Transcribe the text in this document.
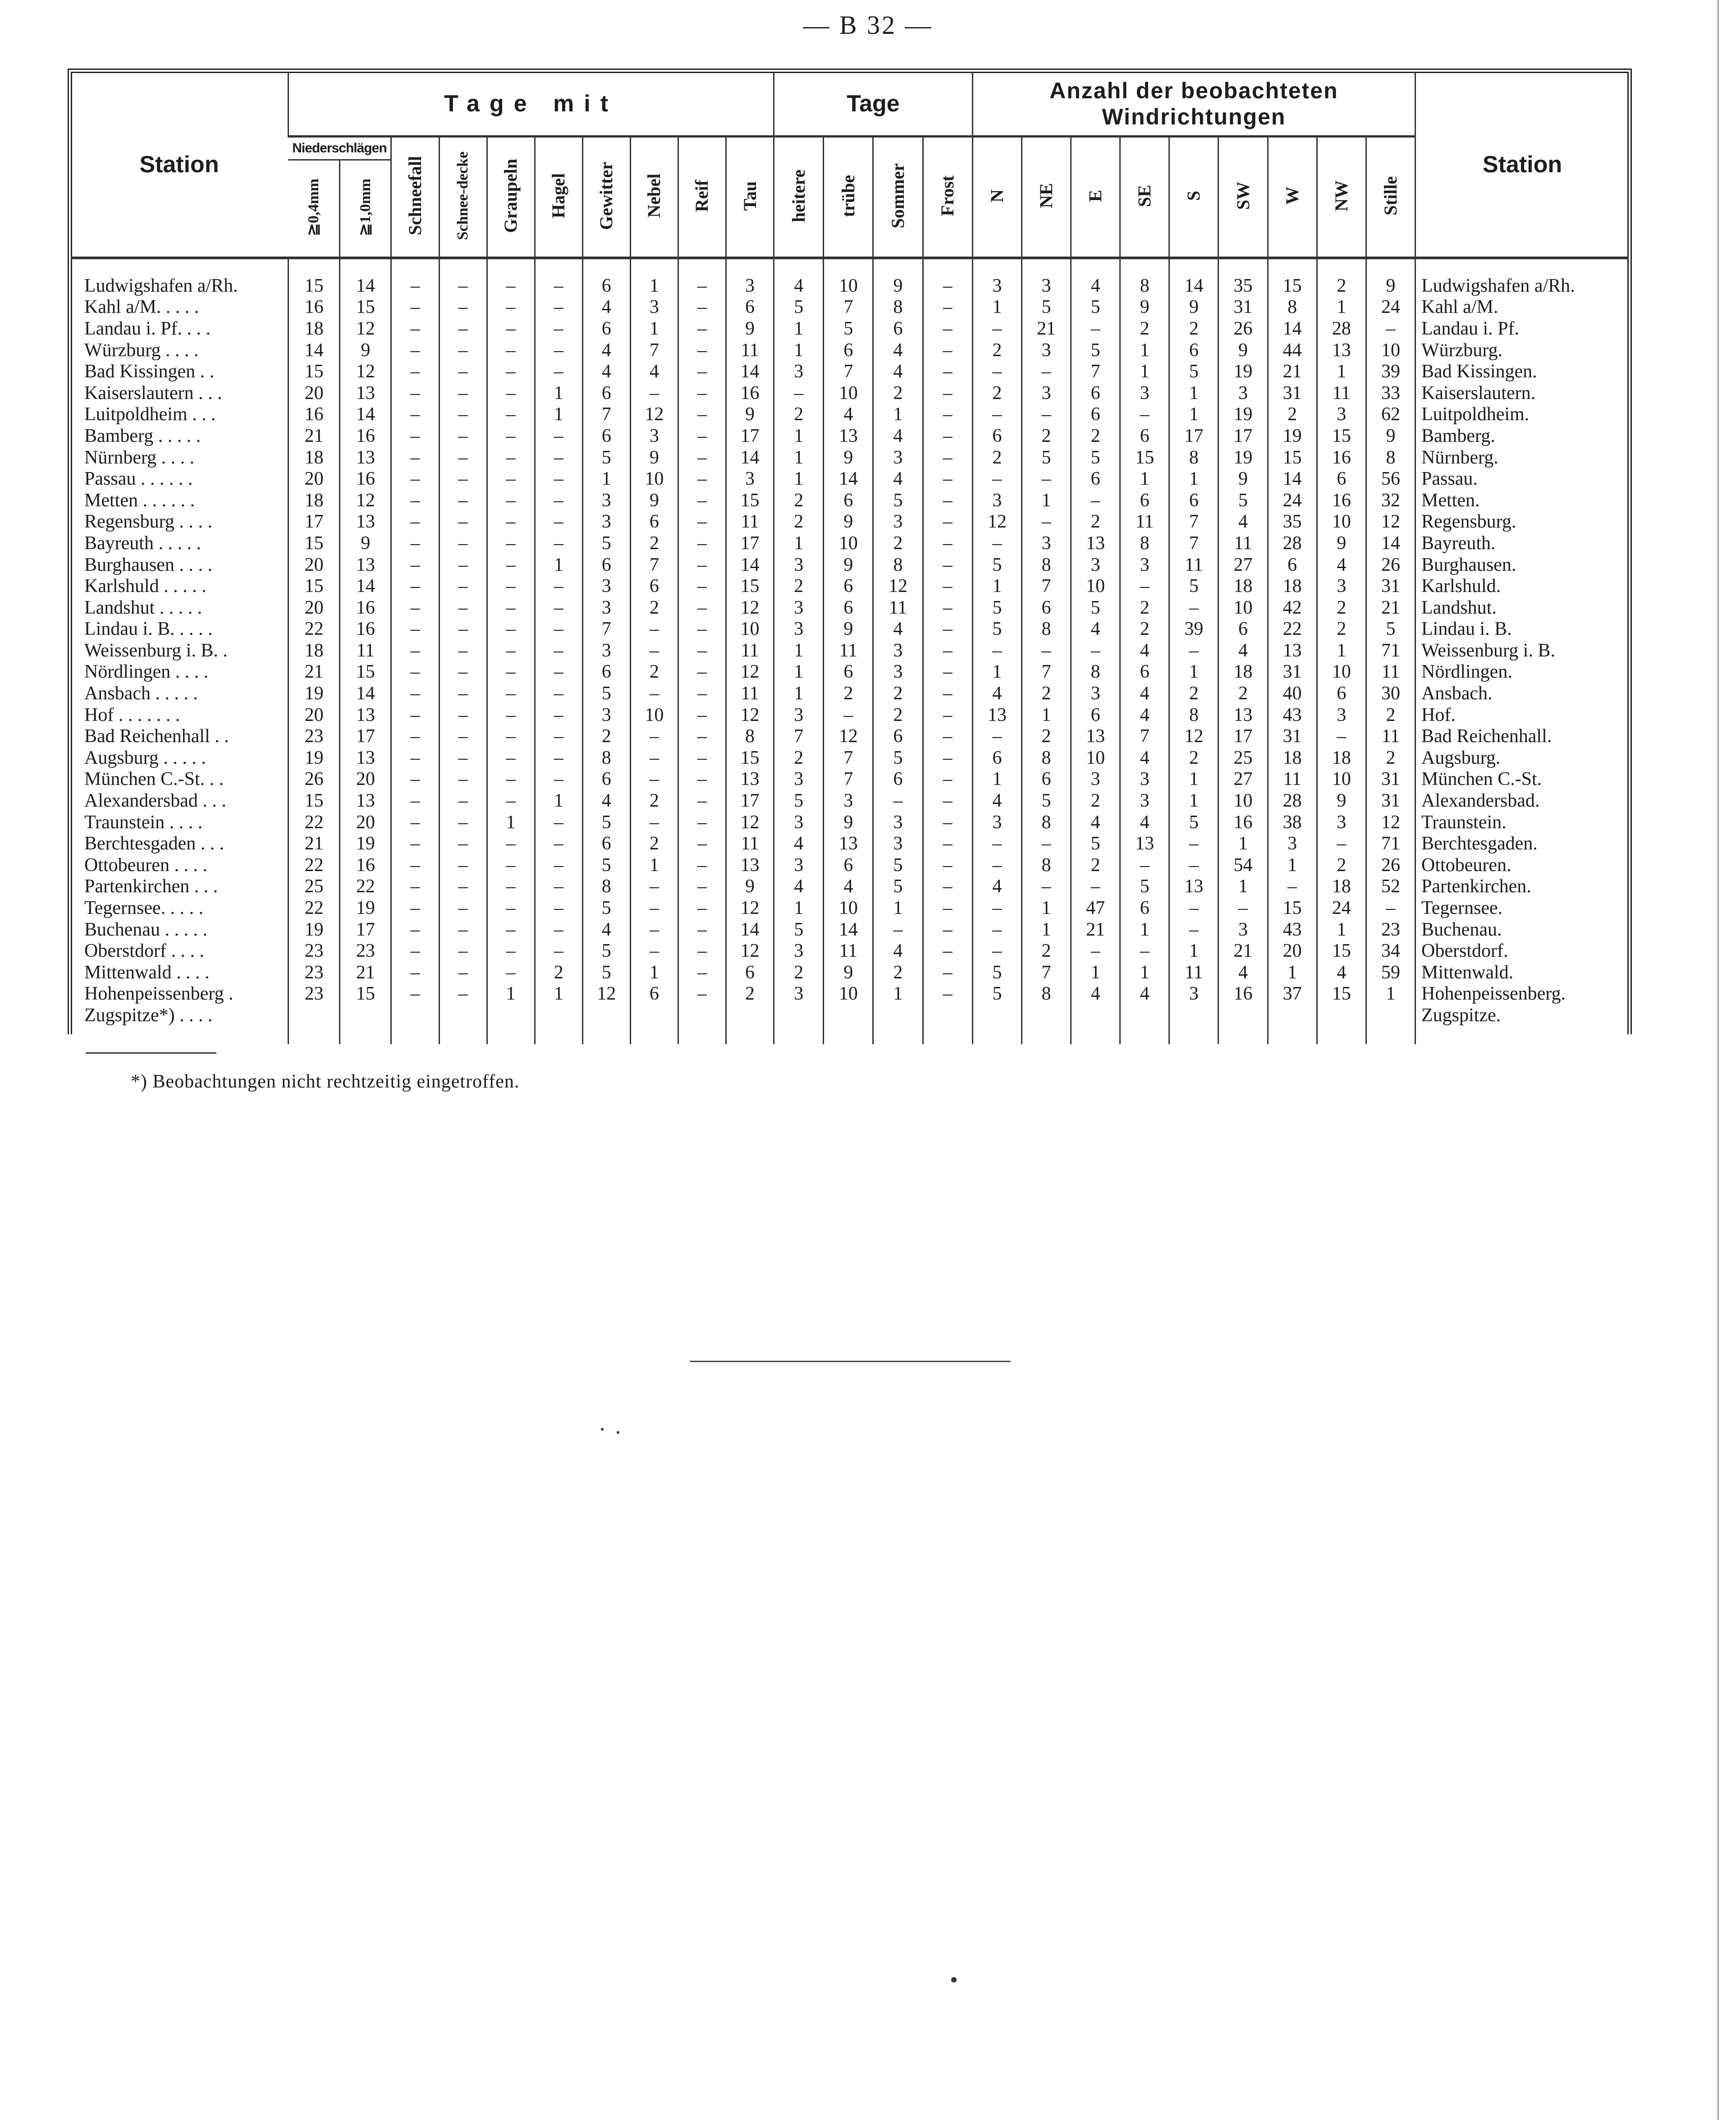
— B 32 —
Station	Tage mit										Tage				Anzahl der beobachteten Windrichtungen									Station
	Niederschlägen		Schneefall	Schnee-decke	Graupeln	Hagel	Gewitter	Nebel	Reif	Tau	heitere	trübe	Sommer	Frost	N	NE	E	SE	S	SW	W	NW	Stille	
	≧0,4mm	≧1,0mm																						

Ludwigshafen a/Rh.	15	14	–	–	–	–	6	1	–	3	4	10	9	–	3	3	4	8	14	35	15	2	9	Ludwigshafen a/Rh.
Kahl a/M. . . . .	16	15	–	–	–	–	4	3	–	6	5	7	8	–	1	5	5	9	9	31	8	1	24	Kahl a/M.
Landau i. Pf. . . .	18	12	–	–	–	–	6	1	–	9	1	5	6	–	–	21	–	2	2	26	14	28	–	Landau i. Pf.
Würzburg . . . .	14	9	–	–	–	–	4	7	–	11	1	6	4	–	2	3	5	1	6	9	44	13	10	Würzburg.
Bad Kissingen . .	15	12	–	–	–	–	4	4	–	14	3	7	4	–	–	–	7	1	5	19	21	1	39	Bad Kissingen.
Kaiserslautern . . .	20	13	–	–	–	1	6	–	–	16	–	10	2	–	2	3	6	3	1	3	31	11	33	Kaiserslautern.
Luitpoldheim . . .	16	14	–	–	–	1	7	12	–	9	2	4	1	–	–	–	6	–	1	19	2	3	62	Luitpoldheim.
Bamberg . . . . .	21	16	–	–	–	–	6	3	–	17	1	13	4	–	6	2	2	6	17	17	19	15	9	Bamberg.
Nürnberg . . . .	18	13	–	–	–	–	5	9	–	14	1	9	3	–	2	5	5	15	8	19	15	16	8	Nürnberg.
Passau . . . . . .	20	16	–	–	–	–	1	10	–	3	1	14	4	–	–	–	6	1	1	9	14	6	56	Passau.
Metten . . . . . .	18	12	–	–	–	–	3	9	–	15	2	6	5	–	3	1	–	6	6	5	24	16	32	Metten.
Regensburg . . . .	17	13	–	–	–	–	3	6	–	11	2	9	3	–	12	–	2	11	7	4	35	10	12	Regensburg.
Bayreuth . . . . .	15	9	–	–	–	–	5	2	–	17	1	10	2	–	–	3	13	8	7	11	28	9	14	Bayreuth.
Burghausen . . . .	20	13	–	–	–	1	6	7	–	14	3	9	8	–	5	8	3	3	11	27	6	4	26	Burghausen.
Karlshuld . . . . .	15	14	–	–	–	–	3	6	–	15	2	6	12	–	1	7	10	–	5	18	18	3	31	Karlshuld.
Landshut . . . . .	20	16	–	–	–	–	3	2	–	12	3	6	11	–	5	6	5	2	–	10	42	2	21	Landshut.
Lindau i. B. . . . .	22	16	–	–	–	–	7	–	–	10	3	9	4	–	5	8	4	2	39	6	22	2	5	Lindau i. B.
Weissenburg i. B. .	18	11	–	–	–	–	3	–	–	11	1	11	3	–	–	–	–	4	–	4	13	1	71	Weissenburg i. B.
Nördlingen . . . .	21	15	–	–	–	–	6	2	–	12	1	6	3	–	1	7	8	6	1	18	31	10	11	Nördlingen.
Ansbach . . . . .	19	14	–	–	–	–	5	–	–	11	1	2	2	–	4	2	3	4	2	2	40	6	30	Ansbach.
Hof . . . . . . .	20	13	–	–	–	–	3	10	–	12	3	–	2	–	13	1	6	4	8	13	43	3	2	Hof.
Bad Reichenhall . .	23	17	–	–	–	–	2	–	–	8	7	12	6	–	–	2	13	7	12	17	31	–	11	Bad Reichenhall.
Augsburg . . . . .	19	13	–	–	–	–	8	–	–	15	2	7	5	–	6	8	10	4	2	25	18	18	2	Augsburg.
München C.-St. . .	26	20	–	–	–	–	6	–	–	13	3	7	6	–	1	6	3	3	1	27	11	10	31	München C.-St.
Alexandersbad . . .	15	13	–	–	–	1	4	2	–	17	5	3	–	–	4	5	2	3	1	10	28	9	31	Alexandersbad.
Traunstein . . . .	22	20	–	–	1	–	5	–	–	12	3	9	3	–	3	8	4	4	5	16	38	3	12	Traunstein.
Berchtesgaden . . .	21	19	–	–	–	–	6	2	–	11	4	13	3	–	–	–	5	13	–	1	3	–	71	Berchtesgaden.
Ottobeuren . . . .	22	16	–	–	–	–	5	1	–	13	3	6	5	–	–	8	2	–	–	54	1	2	26	Ottobeuren.
Partenkirchen . . .	25	22	–	–	–	–	8	–	–	9	4	4	5	–	4	–	–	5	13	1	–	18	52	Partenkirchen.
Tegernsee. . . . .	22	19	–	–	–	–	5	–	–	12	1	10	1	–	–	1	47	6	–	–	15	24	–	Tegernsee.
Buchenau . . . . .	19	17	–	–	–	–	4	–	–	14	5	14	–	–	–	1	21	1	–	3	43	1	23	Buchenau.
Oberstdorf . . . .	23	23	–	–	–	–	5	–	–	12	3	11	4	–	–	2	–	–	1	21	20	15	34	Oberstdorf.
Mittenwald . . . .	23	21	–	–	–	2	5	1	–	6	2	9	2	–	5	7	1	1	11	4	1	4	59	Mittenwald.
Hohenpeissenberg .	23	15	–	–	1	1	12	6	–	2	3	10	1	–	5	8	4	4	3	16	37	15	1	Hohenpeissenberg.
Zugspitze*) . . . .																								Zugspitze.

*) Beobachtungen nicht rechtzeitig eingetroffen.
